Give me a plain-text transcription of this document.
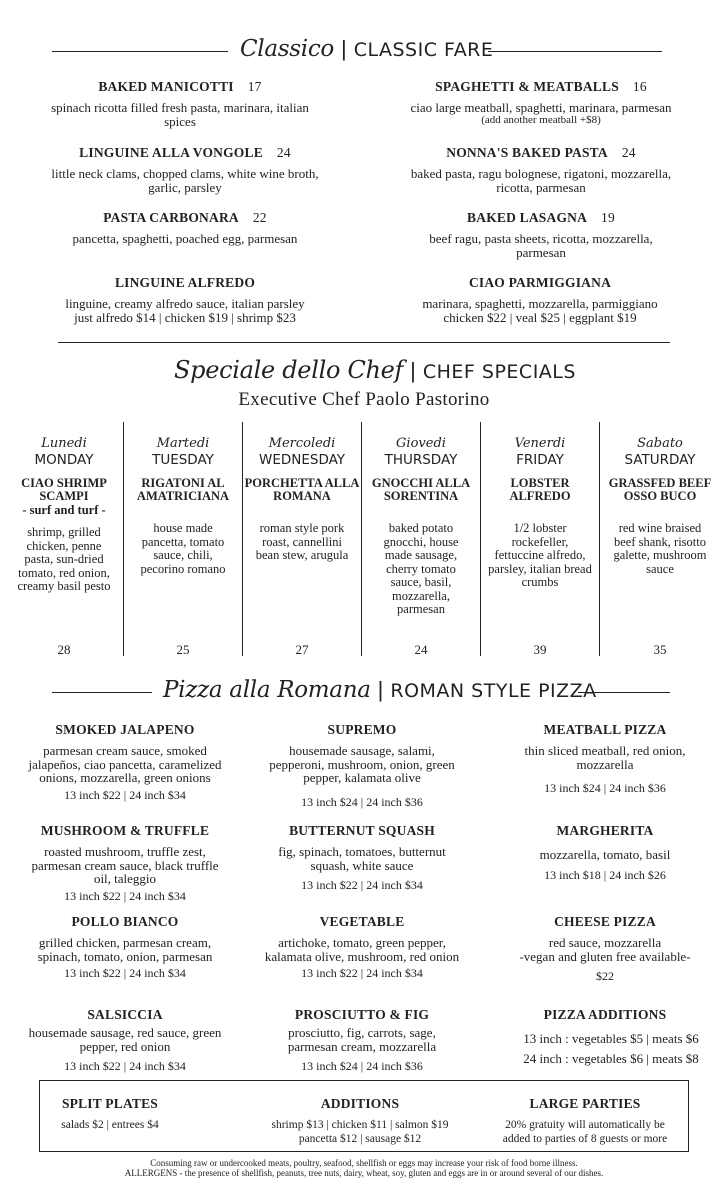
Classico | CLASSIC FARE
BAKED MANICOTTI 17
spinach ricotta filled fresh pasta, marinara, italian spices
LINGUINE ALLA VONGOLE 24
little neck clams, chopped clams, white wine broth, garlic, parsley
PASTA CARBONARA 22
pancetta, spaghetti, poached egg, parmesan
LINGUINE ALFREDO
linguine, creamy alfredo sauce, italian parsley
just alfredo $14 | chicken $19 | shrimp $23
SPAGHETTI & MEATBALLS 16
ciao large meatball, spaghetti, marinara, parmesan
(add another meatball +$8)
NONNA'S BAKED PASTA 24
baked pasta, ragu bolognese, rigatoni, mozzarella, ricotta, parmesan
BAKED LASAGNA 19
beef ragu, pasta sheets, ricotta, mozzarella, parmesan
CIAO PARMIGGIANA
marinara, spaghetti, mozzarella, parmiggiano
chicken $22 | veal $25 | eggplant $19
Speciale dello Chef | CHEF SPECIALS
Executive Chef Paolo Pastorino
Lunedi
MONDAY
CIAO SHRIMP SCAMPI
- surf and turf -
shrimp, grilled chicken, penne pasta, sun-dried tomato, red onion, creamy basil pesto
28
Martedi
TUESDAY
RIGATONI AL AMATRICIANA
house made pancetta, tomato sauce, chili, pecorino romano
25
Mercoledi
WEDNESDAY
PORCHETTA ALLA ROMANA
roman style pork roast, cannellini bean stew, arugula
27
Giovedi
THURSDAY
GNOCCHI ALLA SORENTINA
baked potato gnocchi, house made sausage, cherry tomato sauce, basil, mozzarella, parmesan
24
Venerdi
FRIDAY
LOBSTER ALFREDO
1/2 lobster rockefeller, fettuccine alfredo, parsley, italian bread crumbs
39
Sabato
SATURDAY
GRASSFED BEEF OSSO BUCO
red wine braised beef shank, risotto galette, mushroom sauce
35
Pizza alla Romana | ROMAN STYLE PIZZA
SMOKED JALAPENO
parmesan cream sauce, smoked jalapeños, ciao pancetta, caramelized onions, mozzarella, green onions
13 inch $22 | 24 inch $34
MUSHROOM & TRUFFLE
roasted mushroom, truffle zest, parmesan cream sauce, black truffle oil, taleggio
13 inch $22 | 24 inch $34
POLLO BIANCO
grilled chicken, parmesan cream, spinach, tomato, onion, parmesan
13 inch $22 | 24 inch $34
SALSICCIA
housemade sausage, red sauce, green pepper, red onion
13 inch $22 | 24 inch $34
SUPREMO
housemade sausage, salami, pepperoni, mushroom, onion, green pepper, kalamata olive
13 inch $24 | 24 inch $36
BUTTERNUT SQUASH
fig, spinach, tomatoes, butternut squash, white sauce
13 inch $22 | 24 inch $34
VEGETABLE
artichoke, tomato, green pepper, kalamata olive, mushroom, red onion
13 inch $22 | 24 inch $34
PROSCIUTTO & FIG
prosciutto, fig, carrots, sage, parmesan cream, mozzarella
13 inch $24 | 24 inch $36
MEATBALL PIZZA
thin sliced meatball, red onion, mozzarella
13 inch $24 | 24 inch $36
MARGHERITA
mozzarella, tomato, basil
13 inch $18 | 24 inch $26
CHEESE PIZZA
red sauce, mozzarella
-vegan and gluten free available-
$22
PIZZA ADDITIONS
13 inch : vegetables $5 | meats $6
24 inch : vegetables $6 | meats $8
SPLIT PLATES
salads $2 | entrees $4
ADDITIONS
shrimp $13 | chicken $11 | salmon $19
pancetta $12 | sausage $12
LARGE PARTIES
20% gratuity will automatically be
added to parties of 8 guests or more
Consuming raw or undercooked meats, poultry, seafood, shellfish or eggs may increase your risk of food borne illness.
ALLERGENS - the presence of shellfish, peanuts, tree nuts, dairy, wheat, soy, gluten and eggs are in or around several of our dishes.
